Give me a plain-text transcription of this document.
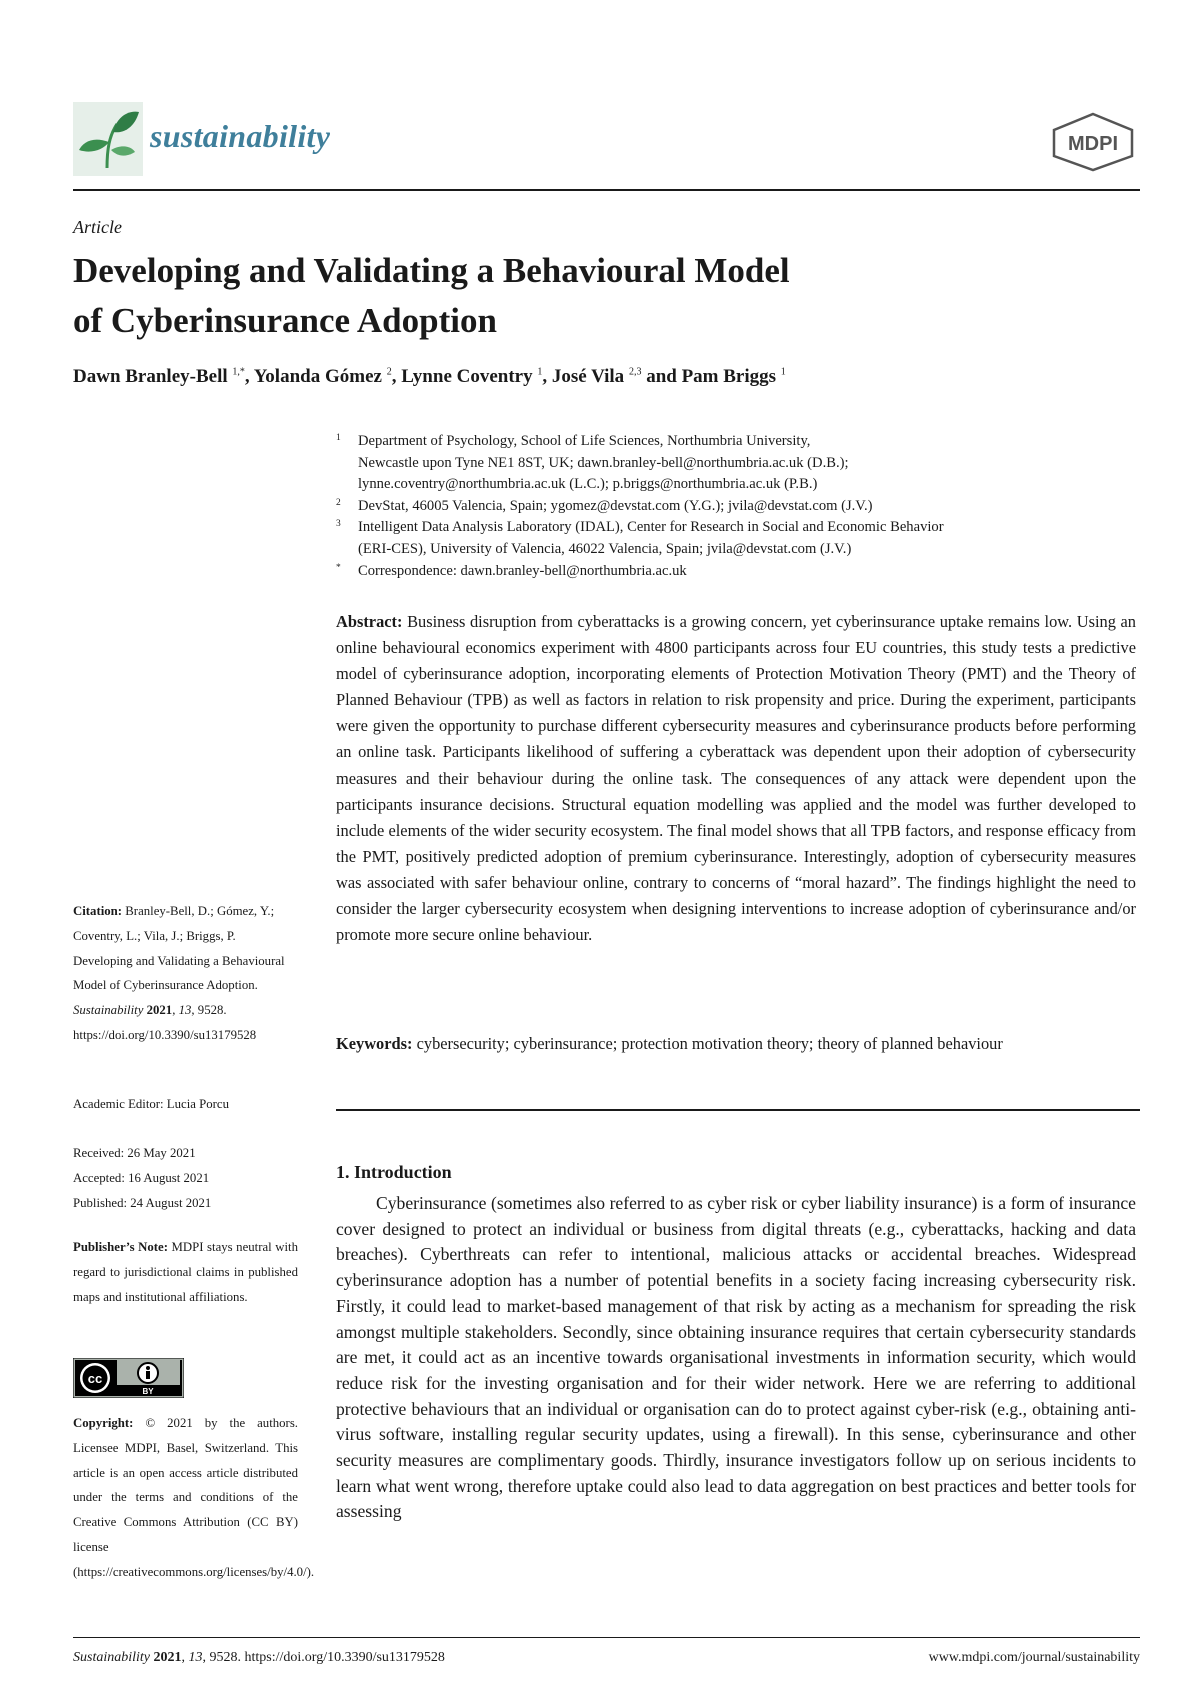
sustainability	MDPI
Article
Developing and Validating a Behavioural Model
of Cyberinsurance Adoption
Dawn Branley-Bell $^{1,*}$, Yolanda Gómez $^2$, Lynne Coventry $^1$, José Vila $^{2,3}$ and Pam Briggs $^1$
1 Department of Psychology, School of Life Sciences, Northumbria University,
Newcastle upon Tyne NE1 8ST, UK; dawn.branley-bell@northumbria.ac.uk (D.B.);
lynne.coventry@northumbria.ac.uk (L.C.); p.briggs@northumbria.ac.uk (P.B.)
2 DevStat, 46005 Valencia, Spain; ygomez@devstat.com (Y.G.); jvila@devstat.com (J.V.)
3 Intelligent Data Analysis Laboratory (IDAL), Center for Research in Social and Economic Behavior
(ERI-CES), University of Valencia, 46022 Valencia, Spain; jvila@devstat.com (J.V.)
* Correspondence: dawn.branley-bell@northumbria.ac.uk
Abstract: Business disruption from cyberattacks is a growing concern, yet cyberinsurance uptake remains low. Using an online behavioural economics experiment with 4800 participants across four EU countries, this study tests a predictive model of cyberinsurance adoption, incorporating elements of Protection Motivation Theory (PMT) and the Theory of Planned Behaviour (TPB) as well as factors in relation to risk propensity and price. During the experiment, participants were given the opportunity to purchase different cybersecurity measures and cyberinsurance products before performing an online task. Participants likelihood of suffering a cyberattack was dependent upon their adoption of cybersecurity measures and their behaviour during the online task. The consequences of any attack were dependent upon the participants insurance decisions. Structural equation modelling was applied and the model was further developed to include elements of the wider security ecosystem. The final model shows that all TPB factors, and response efficacy from the PMT, positively predicted adoption of premium cyberinsurance. Interestingly, adoption of cybersecurity measures was associated with safer behaviour online, contrary to concerns of “moral hazard”. The findings highlight the need to consider the larger cybersecurity ecosystem when designing interventions to increase adoption of cyberinsurance and/or promote more secure online behaviour.
Keywords: cybersecurity; cyberinsurance; protection motivation theory; theory of planned behaviour
1. Introduction

Cyberinsurance (sometimes also referred to as cyber risk or cyber liability insurance) is a form of insurance cover designed to protect an individual or business from digital threats (e.g., cyberattacks, hacking and data breaches). Cyberthreats can refer to intentional, malicious attacks or accidental breaches. Widespread cyberinsurance adoption has a number of potential benefits in a society facing increasing cybersecurity risk. Firstly, it could lead to market-based management of that risk by acting as a mechanism for spreading the risk amongst multiple stakeholders. Secondly, since obtaining insurance requires that certain cybersecurity standards are met, it could act as an incentive towards organisational investments in information security, which would reduce risk for the investing organisation and for their wider network. Here we are referring to additional protective behaviours that an individual or organisation can do to protect against cyber-risk (e.g., obtaining anti-virus software, installing regular security updates, using a firewall). In this sense, cyberinsurance and other security measures are complimentary goods. Thirdly, insurance investigators follow up on serious incidents to learn what went wrong, therefore uptake could also lead to data aggregation on best practices and better tools for assessing

Citation: Branley-Bell, D.; Gómez, Y.; Coventry, L.; Vila, J.; Briggs, P. Developing and Validating a Behavioural Model of Cyberinsurance Adoption.
Sustainability 2021, 13, 9528.
https://doi.org/10.3390/su13179528
Academic Editor: Lucia Porcu
Received: 26 May 2021
Accepted: 16 August 2021
Published: 24 August 2021
Publisher’s Note: MDPI stays neutral with regard to jurisdictional claims in published maps and institutional affiliations.
cc
BY
Copyright: © 2021 by the authors. Licensee MDPI, Basel, Switzerland. This article is an open access article distributed under the terms and conditions of the Creative Commons Attribution (CC BY) license (https://creativecommons.org/licenses/by/4.0/).
Sustainability 2021, 13, 9528. https://doi.org/10.3390/su13179528	www.mdpi.com/journal/sustainability
